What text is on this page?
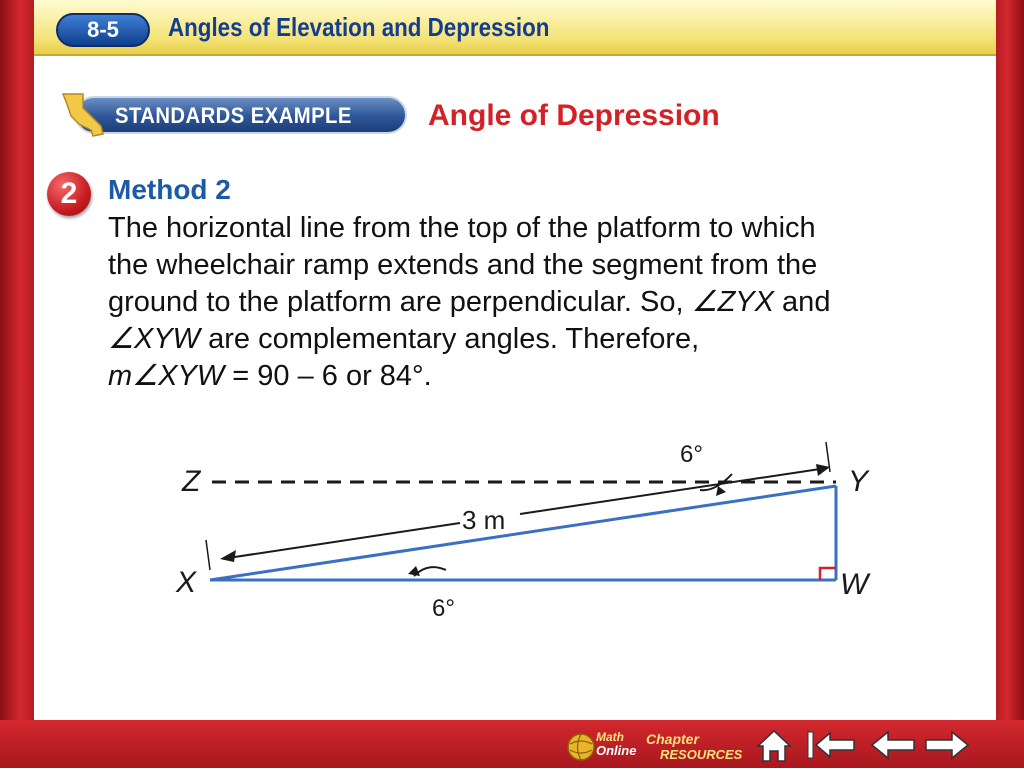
8-5	Angles of Elevation and Depression
STANDARDS EXAMPLE	Angle of Depression
2	Method 2
The horizontal line from the top of the platform to which
the wheelchair ramp extends and the segment from the
ground to the platform are perpendicular. So, ∠ZYX and
∠XYW are complementary angles. Therefore,
m∠XYW = 90 – 6 or 84°.
Z	Y
X	W
3 m
6°
6°
Math
Online
Chapter
RESOURCES
